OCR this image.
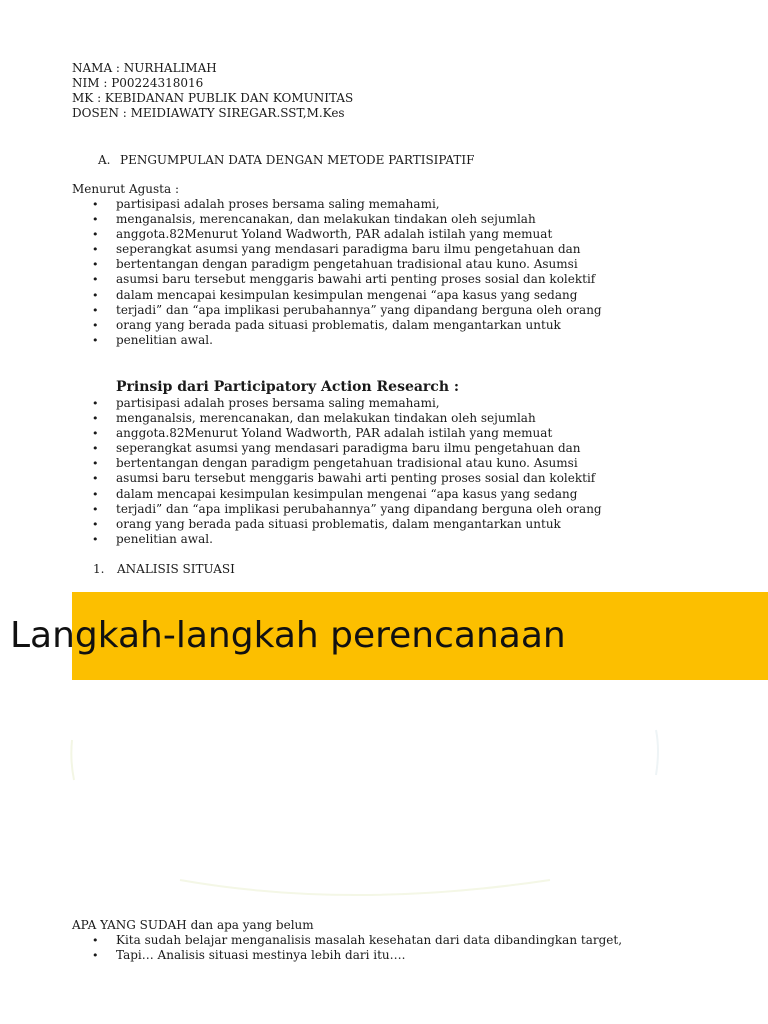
NAMA : NURHALIMAH
NIM : P00224318016
MK : KEBIDANAN PUBLIK DAN KOMUNITAS
DOSEN : MEIDIAWATY SIREGAR.SST,M.Kes
A. PENGUMPULAN DATA DENGAN METODE PARTISIPATIF
Menurut Agusta :
• partisipasi adalah proses bersama saling memahami,
• menganalsis, merencanakan, dan melakukan tindakan oleh sejumlah
• anggota.82Menurut Yoland Wadworth, PAR adalah istilah yang memuat
• seperangkat asumsi yang mendasari paradigma baru ilmu pengetahuan dan
• bertentangan dengan paradigm pengetahuan tradisional atau kuno. Asumsi
• asumsi baru tersebut menggaris bawahi arti penting proses sosial dan kolektif
• dalam mencapai kesimpulan kesimpulan mengenai “apa kasus yang sedang
• terjadi” dan “apa implikasi perubahannya” yang dipandang berguna oleh orang
• orang yang berada pada situasi problematis, dalam mengantarkan untuk
• penelitian awal.
Prinsip dari Participatory Action Research :
• partisipasi adalah proses bersama saling memahami,
• menganalsis, merencanakan, dan melakukan tindakan oleh sejumlah
• anggota.82Menurut Yoland Wadworth, PAR adalah istilah yang memuat
• seperangkat asumsi yang mendasari paradigma baru ilmu pengetahuan dan
• bertentangan dengan paradigm pengetahuan tradisional atau kuno. Asumsi
• asumsi baru tersebut menggaris bawahi arti penting proses sosial dan kolektif
• dalam mencapai kesimpulan kesimpulan mengenai “apa kasus yang sedang
• terjadi” dan “apa implikasi perubahannya” yang dipandang berguna oleh orang
• orang yang berada pada situasi problematis, dalam mengantarkan untuk
• penelitian awal.
1. ANALISIS SITUASI
Langkah-langkah perencanaan
APA YANG SUDAH dan apa yang belum
• Kita sudah belajar menganalisis masalah kesehatan dari data dibandingkan target,
• Tapi… Analisis situasi mestinya lebih dari itu….
